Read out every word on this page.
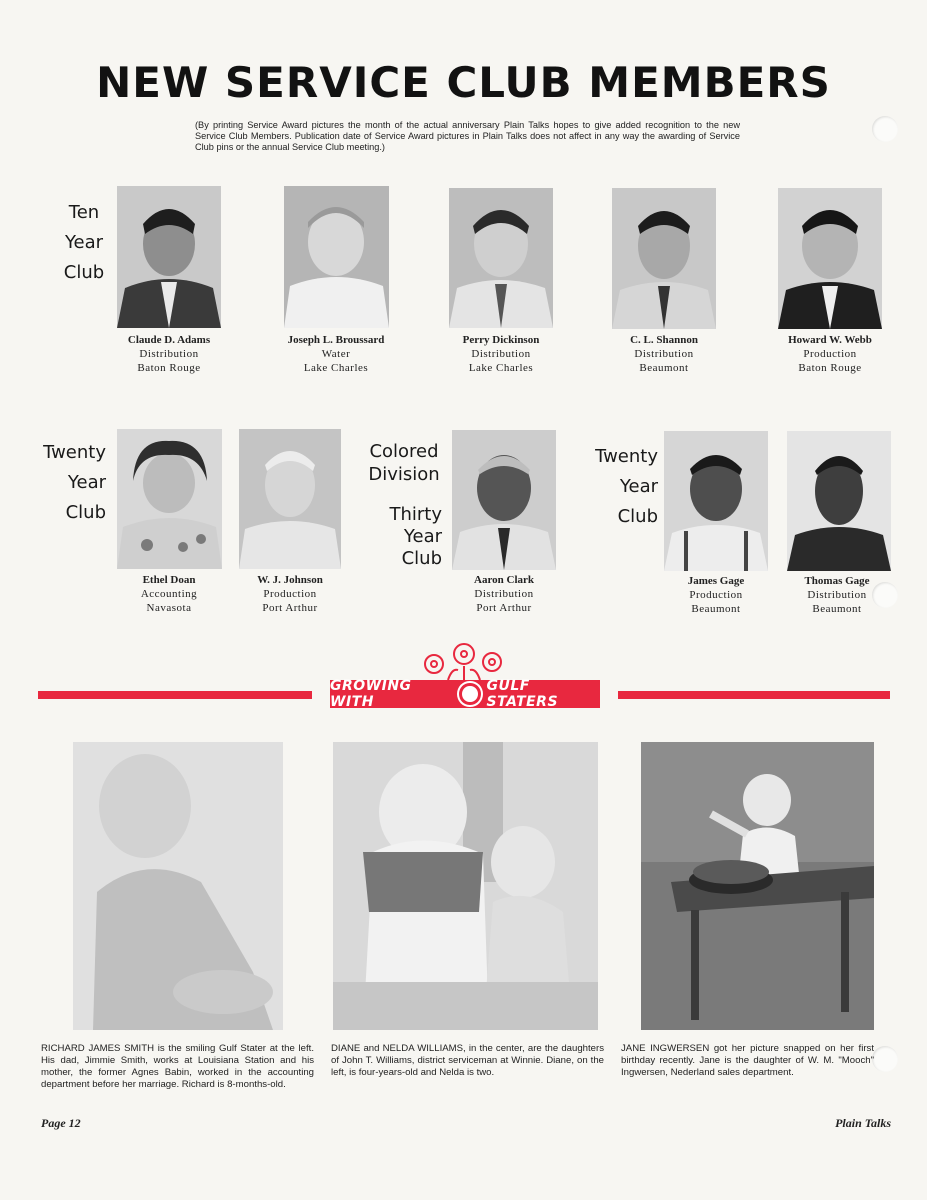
NEW SERVICE CLUB MEMBERS

(By printing Service Award pictures the month of the actual anniversary Plain Talks hopes to give added recognition to the new Service Club Members. Publication date of Service Award pictures in Plain Talks does not affect in any way the awarding of Service Club pins or the annual Service Club meeting.)

Ten
Year
Club
Claude D. Adams
Distribution
Baton Rouge
Joseph L. Broussard
Water
Lake Charles
Perry Dickinson
Distribution
Lake Charles
C. L. Shannon
Distribution
Beaumont
Howard W. Webb
Production
Baton Rouge
Twenty
Year
Club
Ethel Doan
Accounting
Navasota
W. J. Johnson
Production
Port Arthur
Colored
Division
Thirty
Year
Club
Aaron Clark
Distribution
Port Arthur
Twenty
Year
Club
James Gage
Production
Beaumont
Thomas Gage
Distribution
Beaumont
GROWING WITH
GULF STATERS

RICHARD JAMES SMITH is the smiling Gulf Stater at the left. His dad, Jimmie Smith, works at Louisiana Station and his mother, the former Agnes Babin, worked in the accounting department before her marriage. Richard is 8-months-old.

DIANE and NELDA WILLIAMS, in the center, are the daughters of John T. Williams, district serviceman at Winnie. Diane, on the left, is four-years-old and Nelda is two.

JANE INGWERSEN got her picture snapped on her first birthday recently. Jane is the daughter of W. M. "Mooch" Ingwersen, Nederland sales department.

Page 12	Plain Talks
